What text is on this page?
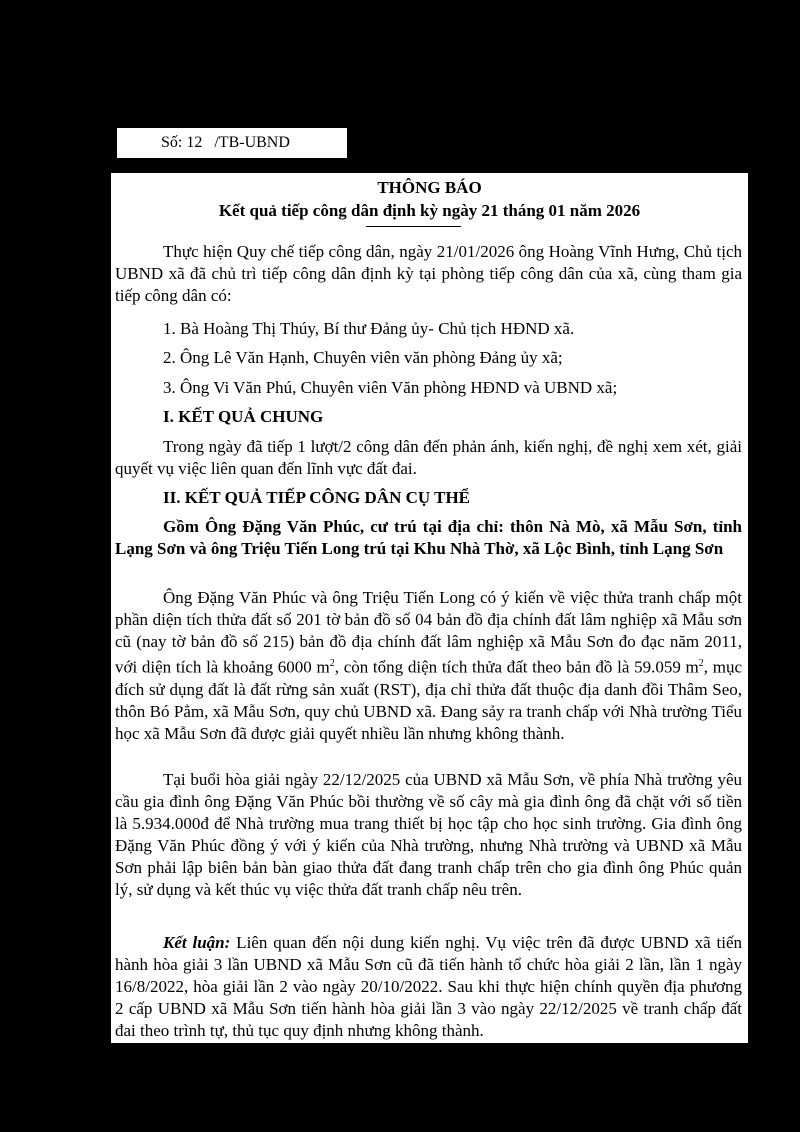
Số: 12   /TB-UBND
THÔNG BÁO
Kết quả tiếp công dân định kỳ ngày 21 tháng 01 năm 2026
Thực hiện Quy chế tiếp công dân, ngày 21/01/2026 ông Hoàng Vĩnh Hưng, Chủ tịch UBND xã đã chủ trì tiếp công dân định kỳ tại phòng tiếp công dân của xã, cùng tham gia tiếp công dân có:
1. Bà Hoàng Thị Thúy, Bí thư Đảng ủy- Chủ tịch HĐND xã.
2. Ông Lê Văn Hạnh, Chuyên viên văn phòng Đảng ủy xã;
3. Ông Vi Văn Phú, Chuyên viên Văn phòng HĐND và UBND xã;
I. KẾT QUẢ CHUNG
Trong ngày đã tiếp 1 lượt/2 công dân đến phản ánh, kiến nghị, đề nghị xem xét, giải quyết vụ việc liên quan đến lĩnh vực đất đai.
II. KẾT QUẢ TIẾP CÔNG DÂN CỤ THỂ
Gồm Ông Đặng Văn Phúc, cư trú tại địa chỉ: thôn Nà Mò, xã Mẫu Sơn, tỉnh Lạng Sơn và ông Triệu Tiến Long trú tại Khu Nhà Thờ, xã Lộc Bình, tỉnh Lạng Sơn
Ông Đặng Văn Phúc và ông Triệu Tiến Long có ý kiến về việc thửa tranh chấp một phần diện tích thửa đất số 201 tờ bản đồ số 04 bản đồ địa chính đất lâm nghiệp xã Mẫu sơn cũ (nay tờ bản đồ số 215) bản đồ địa chính đất lâm nghiệp xã Mẫu Sơn đo đạc năm 2011, với diện tích là khoảng 6000 $m^2$, còn tổng diện tích thửa đất theo bản đồ là 59.059 $m^2$, mục đích sử dụng đất là đất rừng sản xuất (RST), địa chỉ thửa đất thuộc địa danh đồi Thâm Seo, thôn Bó Pẳm, xã Mẫu Sơn, quy chủ UBND xã. Đang sảy ra tranh chấp với Nhà trường Tiểu học xã Mẫu Sơn đã được giải quyết nhiều lần nhưng không thành.
Tại buổi hòa giải ngày 22/12/2025 của UBND xã Mẫu Sơn, về phía Nhà trường yêu cầu gia đình ông Đặng Văn Phúc bồi thường về số cây mà gia đình ông đã chặt với số tiền là 5.934.000đ để Nhà trường mua trang thiết bị học tập cho học sinh trường. Gia đình ông Đặng Văn Phúc đồng ý với ý kiến của Nhà trường, nhưng Nhà trường và UBND xã Mẫu Sơn phải lập biên bản bàn giao thửa đất đang tranh chấp trên cho gia đình ông Phúc quản lý, sử dụng và kết thúc vụ việc thửa đất tranh chấp nêu trên.
Kết luận: Liên quan đến nội dung kiến nghị. Vụ việc trên đã được UBND xã tiến hành hòa giải 3 lần UBND xã Mẫu Sơn cũ đã tiến hành tổ chức hòa giải 2 lần, lần 1 ngày 16/8/2022, hòa giải lần 2 vào ngày 20/10/2022. Sau khi thực hiện chính quyền địa phương 2 cấp UBND xã Mẫu Sơn tiến hành hòa giải lần 3 vào ngày 22/12/2025 về tranh chấp đất đai theo trình tự, thủ tục quy định nhưng không thành.
